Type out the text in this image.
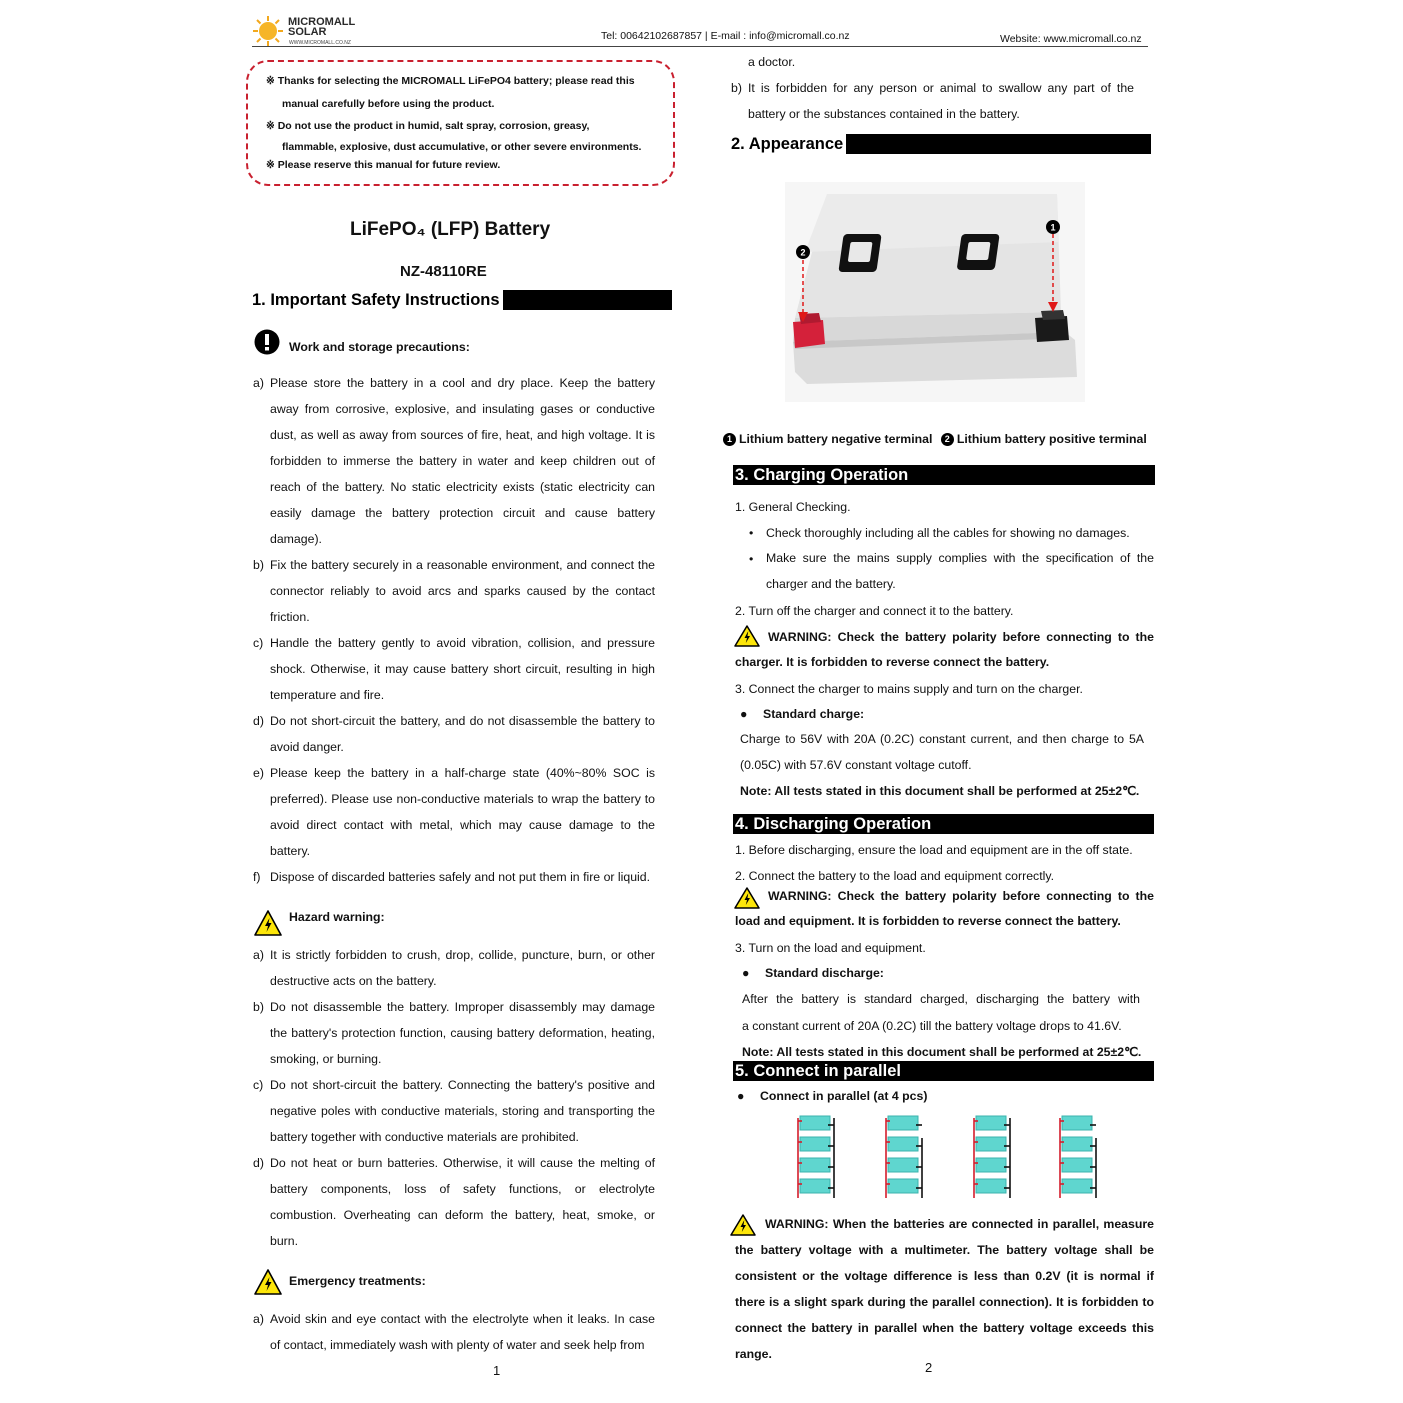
MICROMALL
SOLAR
WWW.MICROMALL.CO.NZ
Tel: 00642102687857 | E-mail : info@micromall.co.nz	Website: www.micromall.co.nz

※ Thanks for selecting the MICROMALL LiFePO4 battery; please read this

manual carefully before using the product.

※ Do not use the product in humid, salt spray, corrosion, greasy,

flammable, explosive, dust accumulative, or other severe environments.

※ Please reserve this manual for future review.

LiFePO₄ (LFP) Battery
NZ-48110RE
1. Important Safety Instructions
Work and storage precautions:
a) Please store the battery in a cool and dry place. Keep the battery away from corrosive, explosive, and insulating gases or conductive dust, as well as away from sources of fire, heat, and high voltage. It is forbidden to immerse the battery in water and keep children out of reach of the battery. No static electricity exists (static electricity can easily damage the battery protection circuit and cause battery damage).
b) Fix the battery securely in a reasonable environment, and connect the connector reliably to avoid arcs and sparks caused by the contact friction.
c) Handle the battery gently to avoid vibration, collision, and pressure shock. Otherwise, it may cause battery short circuit, resulting in high temperature and fire.
d) Do not short-circuit the battery, and do not disassemble the battery to avoid danger.
e) Please keep the battery in a half-charge state (40%~80% SOC is preferred). Please use non-conductive materials to wrap the battery to avoid direct contact with metal, which may cause damage to the battery.
f) Dispose of discarded batteries safely and not put them in fire or liquid.
Hazard warning:
a) It is strictly forbidden to crush, drop, collide, puncture, burn, or other destructive acts on the battery.
b) Do not disassemble the battery. Improper disassembly may damage the battery's protection function, causing battery deformation, heating, smoking, or burning.
c) Do not short-circuit the battery. Connecting the battery's positive and negative poles with conductive materials, storing and transporting the battery together with conductive materials are prohibited.
d) Do not heat or burn batteries. Otherwise, it will cause the melting of battery components, loss of safety functions, or electrolyte combustion. Overheating can deform the battery, heat, smoke, or burn.
Emergency treatments:
a) Avoid skin and eye contact with the electrolyte when it leaks. In case of contact, immediately wash with plenty of water and seek help from
1
a doctor.
b) It is forbidden for any person or animal to swallow any part of the battery or the substances contained in the battery.
2. Appearance
1
2
1 Lithium battery negative terminal 2 Lithium battery positive terminal
3. Charging Operation
1. General Checking.
• Check thoroughly including all the cables for showing no damages.
• Make sure the mains supply complies with the specification of the charger and the battery.
2. Turn off the charger and connect it to the battery.
WARNING: Check the battery polarity before connecting to the charger. It is forbidden to reverse connect the battery.
3. Connect the charger to mains supply and turn on the charger.
● Standard charge:
Charge to 56V with 20A (0.2C) constant current, and then charge to 5A (0.05C) with 57.6V constant voltage cutoff.
Note: All tests stated in this document shall be performed at 25±2℃.
4. Discharging Operation
1. Before discharging, ensure the load and equipment are in the off state.
2. Connect the battery to the load and equipment correctly.
WARNING: Check the battery polarity before connecting to the load and equipment. It is forbidden to reverse connect the battery.
3. Turn on the load and equipment.
● Standard discharge:
After the battery is standard charged, discharging the battery with
a constant current of 20A (0.2C) till the battery voltage drops to 41.6V.
Note: All tests stated in this document shall be performed at 25±2℃.
5. Connect in parallel
● Connect in parallel (at 4 pcs)
WARNING: When the batteries are connected in parallel, measure the battery voltage with a multimeter. The battery voltage shall be consistent or the voltage difference is less than 0.2V (it is normal if there is a slight spark during the parallel connection). It is forbidden to connect the battery in parallel when the battery voltage exceeds this range.
2
